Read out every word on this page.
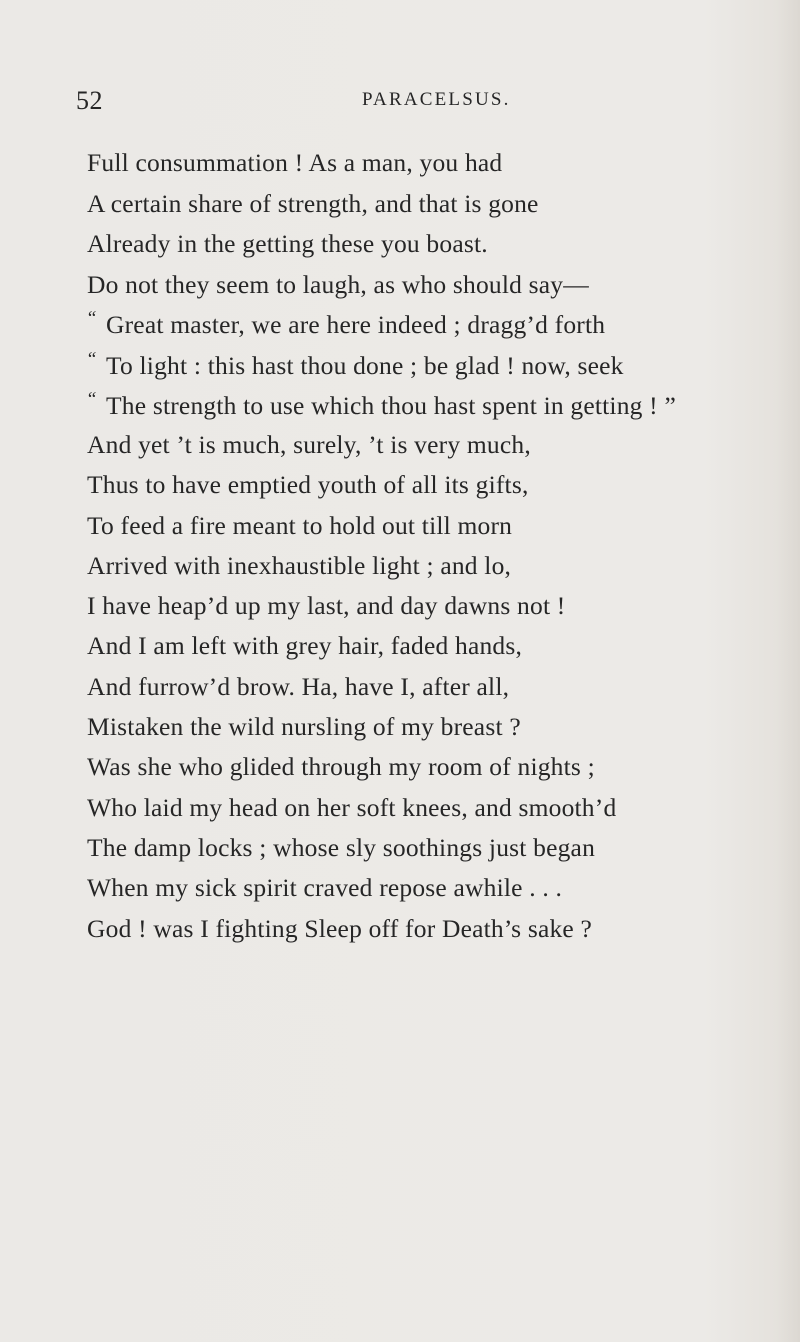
52	PARACELSUS.
Full consummation ! As a man, you had
A certain share of strength, and that is gone
Already in the getting these you boast.
Do not they seem to laugh, as who should say—
“ Great master, we are here indeed ; dragg’d forth
“ To light : this hast thou done ; be glad ! now, seek
“ The strength to use which thou hast spent in getting ! ”
And yet ’t is much, surely, ’t is very much,
Thus to have emptied youth of all its gifts,
To feed a fire meant to hold out till morn
Arrived with inexhaustible light ; and lo,
I have heap’d up my last, and day dawns not !
And I am left with grey hair, faded hands,
And furrow’d brow. Ha, have I, after all,
Mistaken the wild nursling of my breast ?
Was she who glided through my room of nights ;
Who laid my head on her soft knees, and smooth’d
The damp locks ; whose sly soothings just began
When my sick spirit craved repose awhile . . .
God ! was I fighting Sleep off for Death’s sake ?
